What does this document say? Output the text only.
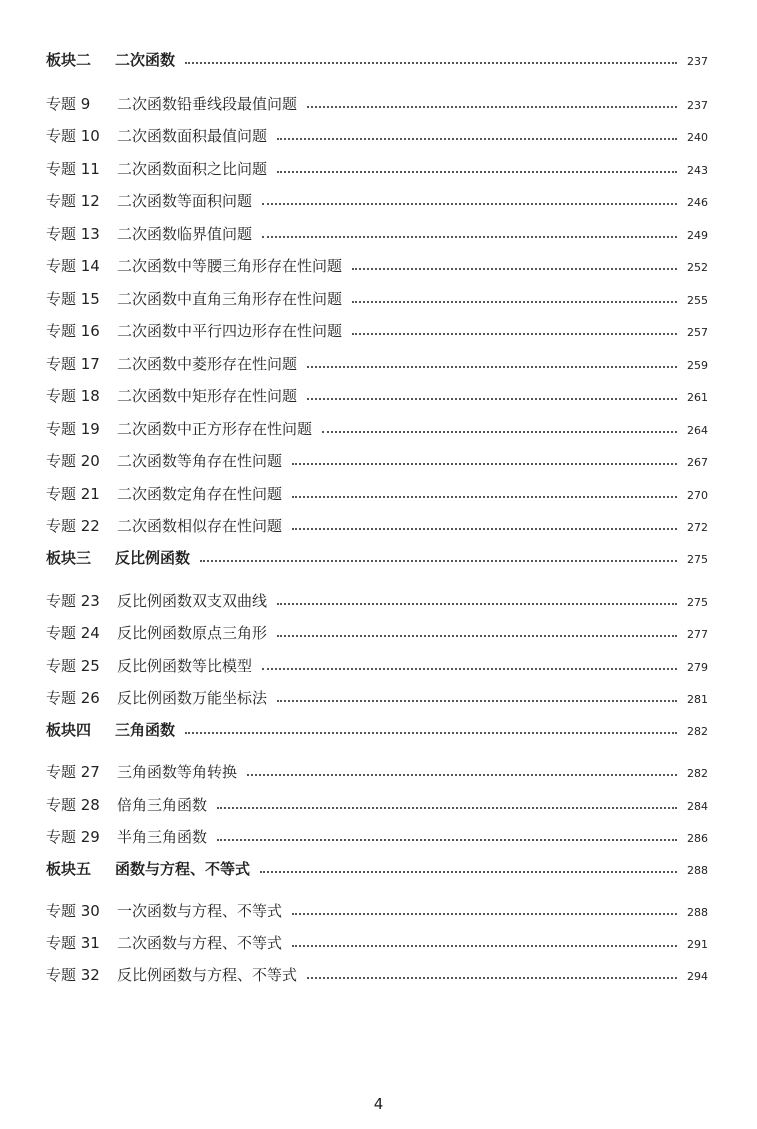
板块二	二次函数	237
专题 9	二次函数铅垂线段最值问题	237
专题 10	二次函数面积最值问题	240
专题 11	二次函数面积之比问题	243
专题 12	二次函数等面积问题	246
专题 13	二次函数临界值问题	249
专题 14	二次函数中等腰三角形存在性问题	252
专题 15	二次函数中直角三角形存在性问题	255
专题 16	二次函数中平行四边形存在性问题	257
专题 17	二次函数中菱形存在性问题	259
专题 18	二次函数中矩形存在性问题	261
专题 19	二次函数中正方形存在性问题	264
专题 20	二次函数等角存在性问题	267
专题 21	二次函数定角存在性问题	270
专题 22	二次函数相似存在性问题	272
板块三	反比例函数	275
专题 23	反比例函数双支双曲线	275
专题 24	反比例函数原点三角形	277
专题 25	反比例函数等比模型	279
专题 26	反比例函数万能坐标法	281
板块四	三角函数	282
专题 27	三角函数等角转换	282
专题 28	倍角三角函数	284
专题 29	半角三角函数	286
板块五	函数与方程、不等式	288
专题 30	一次函数与方程、不等式	288
专题 31	二次函数与方程、不等式	291
专题 32	反比例函数与方程、不等式	294
4
